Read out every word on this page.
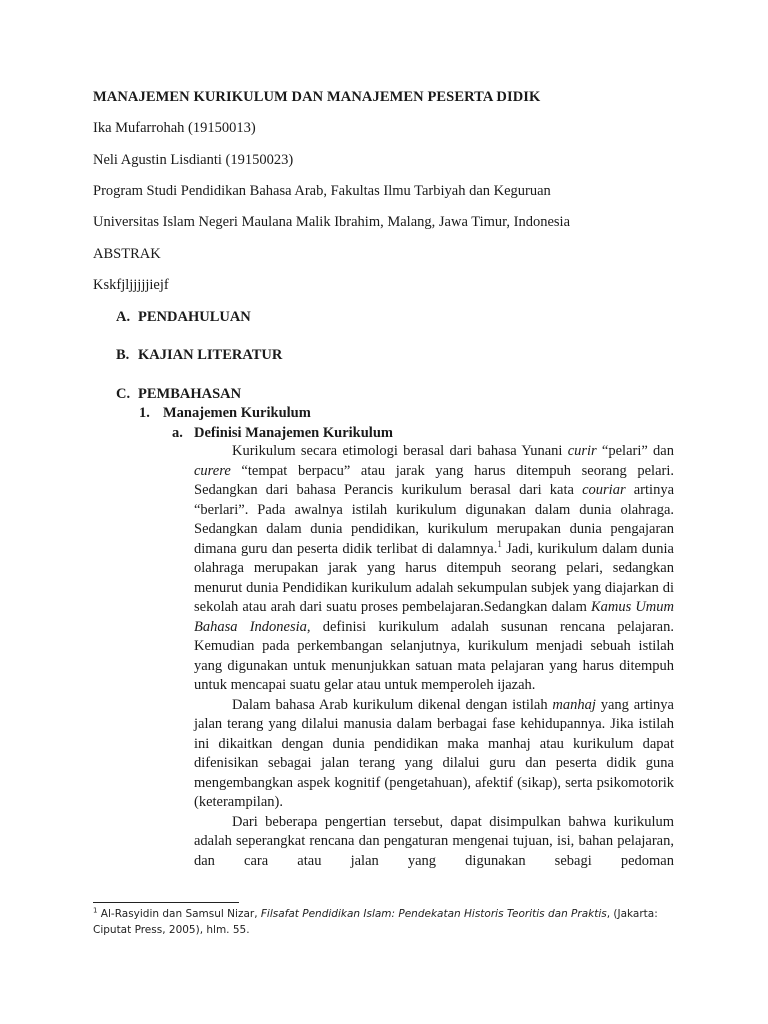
MANAJEMEN KURIKULUM DAN MANAJEMEN PESERTA DIDIK
Ika Mufarrohah (19150013)
Neli Agustin Lisdianti (19150023)
Program Studi Pendidikan Bahasa Arab, Fakultas Ilmu Tarbiyah dan Keguruan
Universitas Islam Negeri Maulana Malik Ibrahim, Malang, Jawa Timur, Indonesia
ABSTRAK
Kskfjljjjjjiejf
A. PENDAHULUAN
B. KAJIAN LITERATUR
C. PEMBAHASAN
1. Manajemen Kurikulum
a. Definisi Manajemen Kurikulum

Kurikulum secara etimologi berasal dari bahasa Yunani curir “pelari” dan curere “tempat berpacu” atau jarak yang harus ditempuh seorang pelari. Sedangkan dari bahasa Perancis kurikulum berasal dari kata couriar artinya “berlari”. Pada awalnya istilah kurikulum digunakan dalam dunia olahraga. Sedangkan dalam dunia pendidikan, kurikulum merupakan dunia pengajaran dimana guru dan peserta didik terlibat di dalamnya.$^1$ Jadi, kurikulum dalam dunia olahraga merupakan jarak yang harus ditempuh seorang pelari, sedangkan menurut dunia Pendidikan kurikulum adalah sekumpulan subjek yang diajarkan di sekolah atau arah dari suatu proses pembelajaran.Sedangkan dalam Kamus Umum Bahasa Indonesia, definisi kurikulum adalah susunan rencana pelajaran. Kemudian pada perkembangan selanjutnya, kurikulum menjadi sebuah istilah yang digunakan untuk menunjukkan satuan mata pelajaran yang harus ditempuh untuk mencapai suatu gelar atau untuk memperoleh ijazah.

Dalam bahasa Arab kurikulum dikenal dengan istilah manhaj yang artinya jalan terang yang dilalui manusia dalam berbagai fase kehidupannya. Jika istilah ini dikaitkan dengan dunia pendidikan maka manhaj atau kurikulum dapat difenisikan sebagai jalan terang yang dilalui guru dan peserta didik guna mengembangkan aspek kognitif (pengetahuan), afektif (sikap), serta psikomotorik (keterampilan).

Dari beberapa pengertian tersebut, dapat disimpulkan bahwa kurikulum adalah seperangkat rencana dan pengaturan mengenai tujuan, isi, bahan pelajaran, dan cara atau jalan yang digunakan sebagi pedoman

$^1$ Al-Rasyidin dan Samsul Nizar, Filsafat Pendidikan Islam: Pendekatan Historis Teoritis dan Praktis, (Jakarta: Ciputat Press, 2005), hlm. 55.
